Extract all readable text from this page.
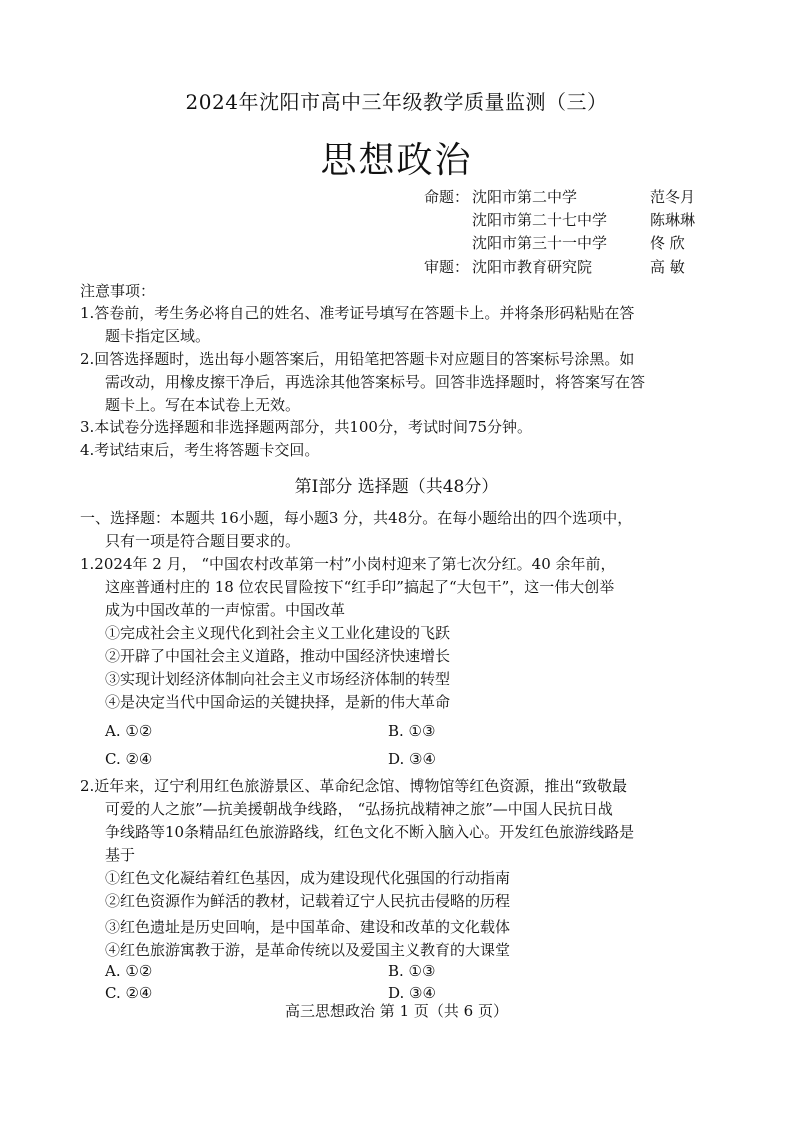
2024年沈阳市高中三年级教学质量监测（三）
思想政治
命题： 沈阳市第二中学	范冬月
沈阳市第二十七中学	陈琳琳
沈阳市第三十一中学	佟 欣
审题： 沈阳市教育研究院	高 敏
注意事项：
1.答卷前，考生务必将自己的姓名、准考证号填写在答题卡上。并将条形码粘贴在答
题卡指定区域。
2.回答选择题时，选出每小题答案后，用铅笔把答题卡对应题目的答案标号涂黑。如
需改动，用橡皮擦干净后，再选涂其他答案标号。回答非选择题时，将答案写在答
题卡上。写在本试卷上无效。
3.本试卷分选择题和非选择题两部分，共100分，考试时间75分钟。
4.考试结束后，考生将答题卡交回。
第Ⅰ部分 选择题（共48分）
一、选择题：本题共 16小题，每小题3 分，共48分。在每小题给出的四个选项中，
只有一项是符合题目要求的。
1.2024年 2 月， “中国农村改革第一村”小岗村迎来了第七次分红。40 余年前，
这座普通村庄的 18 位农民冒险按下“红手印”搞起了“大包干”，这一伟大创举
成为中国改革的一声惊雷。中国改革
①完成社会主义现代化到社会主义工业化建设的飞跃
②开辟了中国社会主义道路，推动中国经济快速增长
③实现计划经济体制向社会主义市场经济体制的转型
④是决定当代中国命运的关键抉择，是新的伟大革命
A. ①②	B. ①③
C. ②④	D. ③④
2.近年来，辽宁利用红色旅游景区、革命纪念馆、博物馆等红色资源，推出“致敬最
可爱的人之旅”—抗美援朝战争线路， “弘扬抗战精神之旅”—中国人民抗日战
争线路等10条精品红色旅游路线，红色文化不断入脑入心。开发红色旅游线路是
基于
①红色文化凝结着红色基因，成为建设现代化强国的行动指南
②红色资源作为鲜活的教材，记载着辽宁人民抗击侵略的历程
③红色遗址是历史回响，是中国革命、建设和改革的文化载体
④红色旅游寓教于游，是革命传统以及爱国主义教育的大课堂
A. ①②	B. ①③
C. ②④	D. ③④
高三思想政治 第 1 页（共 6 页）
